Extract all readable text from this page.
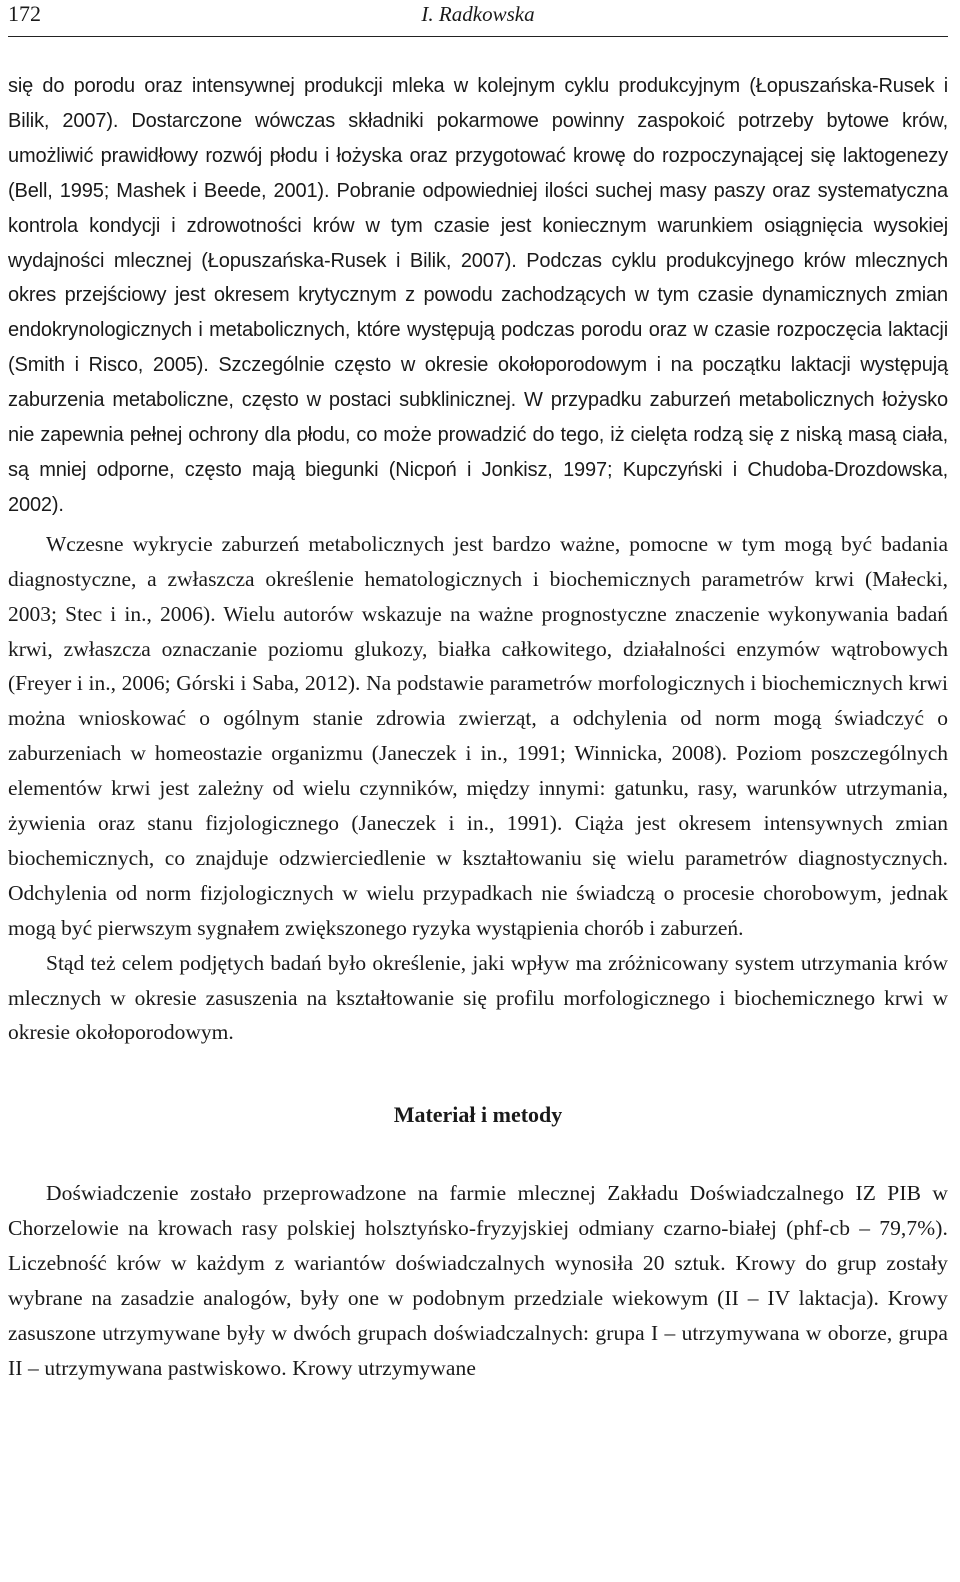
172	I. Radkowska

się do porodu oraz intensywnej produkcji mleka w kolejnym cyklu produkcyjnym (Łopuszańska-Rusek i Bilik, 2007). Dostarczone wówczas składniki pokarmowe powinny zaspokoić potrzeby bytowe krów, umożliwić prawidłowy rozwój płodu i łożyska oraz przygotować krowę do rozpoczynającej się laktogenezy (Bell, 1995; Mashek i Beede, 2001). Pobranie odpowiedniej ilości suchej masy paszy oraz systematyczna kontrola kondycji i zdrowotności krów w tym czasie jest koniecznym warunkiem osiągnięcia wysokiej wydajności mlecznej (Łopuszańska-Rusek i Bilik, 2007). Podczas cyklu produkcyjnego krów mlecznych okres przejściowy jest okresem krytycznym z powodu zachodzących w tym czasie dynamicznych zmian endokrynologicznych i metabolicznych, które występują podczas porodu oraz w czasie rozpoczęcia laktacji (Smith i Risco, 2005). Szczególnie często w okresie okołoporodowym i na początku laktacji występują zaburzenia metaboliczne, często w postaci subklinicznej. W przypadku zaburzeń metabolicznych łożysko nie zapewnia pełnej ochrony dla płodu, co może prowadzić do tego, iż cielęta rodzą się z niską masą ciała, są mniej odporne, często mają biegunki (Nicpoń i Jonkisz, 1997; Kupczyński i Chudoba-Drozdowska, 2002).

Wczesne wykrycie zaburzeń metabolicznych jest bardzo ważne, pomocne w tym mogą być badania diagnostyczne, a zwłaszcza określenie hematologicznych i biochemicznych parametrów krwi (Małecki, 2003; Stec i in., 2006). Wielu autorów wskazuje na ważne prognostyczne znaczenie wykonywania badań krwi, zwłaszcza oznaczanie poziomu glukozy, białka całkowitego, działalności enzymów wątrobowych (Freyer i in., 2006; Górski i Saba, 2012). Na podstawie parametrów morfologicznych i biochemicznych krwi można wnioskować o ogólnym stanie zdrowia zwierząt, a odchylenia od norm mogą świadczyć o zaburzeniach w homeostazie organizmu (Janeczek i in., 1991; Winnicka, 2008). Poziom poszczególnych elementów krwi jest zależny od wielu czynników, między innymi: gatunku, rasy, warunków utrzymania, żywienia oraz stanu fizjologicznego (Janeczek i in., 1991). Ciąża jest okresem intensywnych zmian biochemicznych, co znajduje odzwierciedlenie w kształtowaniu się wielu parametrów diagnostycznych. Odchylenia od norm fizjologicznych w wielu przypadkach nie świadczą o procesie chorobowym, jednak mogą być pierwszym sygnałem zwiększonego ryzyka wystąpienia chorób i zaburzeń.

Stąd też celem podjętych badań było określenie, jaki wpływ ma zróżnicowany system utrzymania krów mlecznych w okresie zasuszenia na kształtowanie się profilu morfologicznego i biochemicznego krwi w okresie okołoporodowym.

Materiał i metody

Doświadczenie zostało przeprowadzone na farmie mlecznej Zakładu Doświadczalnego IZ PIB w Chorzelowie na krowach rasy polskiej holsztyńsko-fryzyjskiej odmiany czarno-białej (phf-cb – 79,7%). Liczebność krów w każdym z wariantów doświadczalnych wynosiła 20 sztuk. Krowy do grup zostały wybrane na zasadzie analogów, były one w podobnym przedziale wiekowym (II – IV laktacja). Krowy zasuszone utrzymywane były w dwóch grupach doświadczalnych: grupa I – utrzymywana w oborze, grupa II – utrzymywana pastwiskowo. Krowy utrzymywane
